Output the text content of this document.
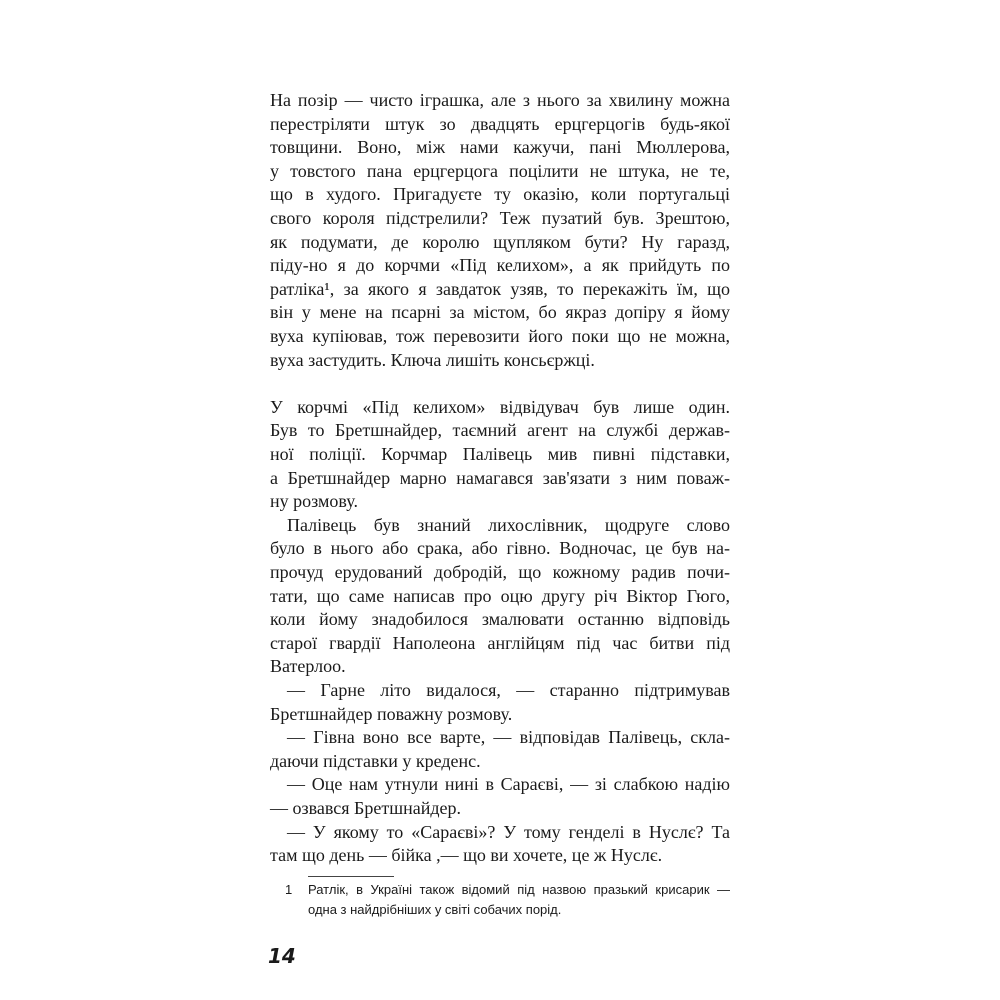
На позір — чисто іграшка, але з нього за хвилину можна
перестріляти штук зо двадцять ерцгерцогів будь-якої
товщини. Воно, між нами кажучи, пані Мюллерова,
у товстого пана ерцгерцога поцілити не штука, не те,
що в худого. Пригадуєте ту оказію, коли португальці
свого короля підстрелили? Теж пузатий був. Зрештою,
як подумати, де королю щупляком бути? Ну гаразд,
піду-но я до корчми «Під келихом», а як прийдуть по
ратліка¹, за якого я завдаток узяв, то перекажіть їм, що
він у мене на псарні за містом, бо якраз допіру я йому
вуха купіював, тож перевозити його поки що не можна,
вуха застудить. Ключа лишіть консьєржці.
У корчмі «Під келихом» відвідувач був лише один.
Був то Бретшнайдер, таємний агент на службі держав-
ної поліції. Корчмар Палівець мив пивні підставки,
а Бретшнайдер марно намагався зав'язати з ним поваж-
ну розмову.
Палівець був знаний лихослівник, щодруге слово
було в нього або срака, або гівно. Водночас, це був на-
прочуд ерудований добродій, що кожному радив почи-
тати, що саме написав про оцю другу річ Віктор Гюго,
коли йому знадобилося змалювати останню відповідь
старої гвардії Наполеона англійцям під час битви під
Ватерлоо.
— Гарне літо видалося, — старанно підтримував
Бретшнайдер поважну розмову.
— Гівна воно все варте, — відповідав Палівець, скла-
даючи підставки у креденс.
— Оце нам утнули нині в Сараєві, — зі слабкою надію
— озвався Бретшнайдер.
— У якому то «Сараєві»? У тому генделі в Нуслє? Та
там що день — бійка ,— що ви хочете, це ж Нуслє.
1 Ратлік, в Україні також відомий під назвою празький крисарик —
одна з найдрібніших у світі собачих порід.
14
